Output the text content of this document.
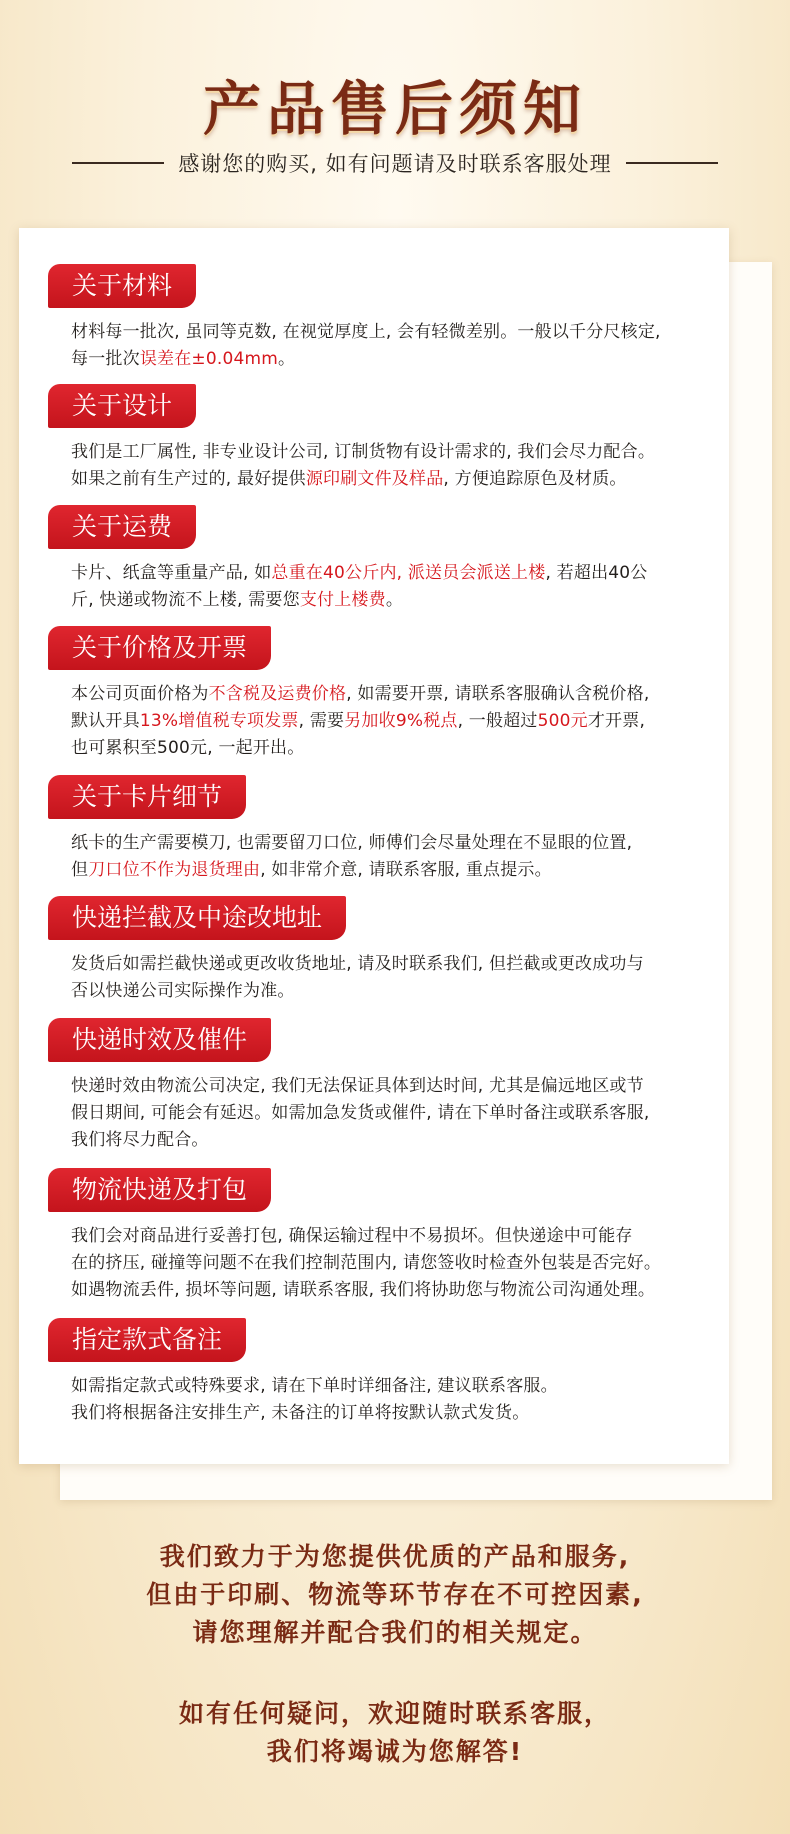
产品售后须知
感谢您的购买, 如有问题请及时联系客服处理
关于材料
材料每一批次, 虽同等克数, 在视觉厚度上, 会有轻微差别。一般以千分尺核定,
每一批次误差在±0.04mm。
关于设计
我们是工厂属性, 非专业设计公司, 订制货物有设计需求的, 我们会尽力配合。
如果之前有生产过的, 最好提供源印刷文件及样品, 方便追踪原色及材质。
关于运费
卡片、纸盒等重量产品, 如总重在40公斤内, 派送员会派送上楼, 若超出40公
斤, 快递或物流不上楼, 需要您支付上楼费。
关于价格及开票
本公司页面价格为不含税及运费价格, 如需要开票, 请联系客服确认含税价格,
默认开具13%增值税专项发票, 需要另加收9%税点, 一般超过500元才开票,
也可累积至500元, 一起开出。
关于卡片细节
纸卡的生产需要模刀, 也需要留刀口位, 师傅们会尽量处理在不显眼的位置,
但刀口位不作为退货理由, 如非常介意, 请联系客服, 重点提示。
快递拦截及中途改地址
发货后如需拦截快递或更改收货地址, 请及时联系我们, 但拦截或更改成功与
否以快递公司实际操作为准。
快递时效及催件
快递时效由物流公司决定, 我们无法保证具体到达时间, 尤其是偏远地区或节
假日期间, 可能会有延迟。如需加急发货或催件, 请在下单时备注或联系客服,
我们将尽力配合。
物流快递及打包
我们会对商品进行妥善打包, 确保运输过程中不易损坏。但快递途中可能存
在的挤压, 碰撞等问题不在我们控制范围内, 请您签收时检查外包装是否完好。
如遇物流丢件, 损坏等问题, 请联系客服, 我们将协助您与物流公司沟通处理。
指定款式备注
如需指定款式或特殊要求, 请在下单时详细备注, 建议联系客服。
我们将根据备注安排生产, 未备注的订单将按默认款式发货。
我们致力于为您提供优质的产品和服务,
但由于印刷、物流等环节存在不可控因素,
请您理解并配合我们的相关规定。
如有任何疑问，欢迎随时联系客服，
我们将竭诚为您解答!
